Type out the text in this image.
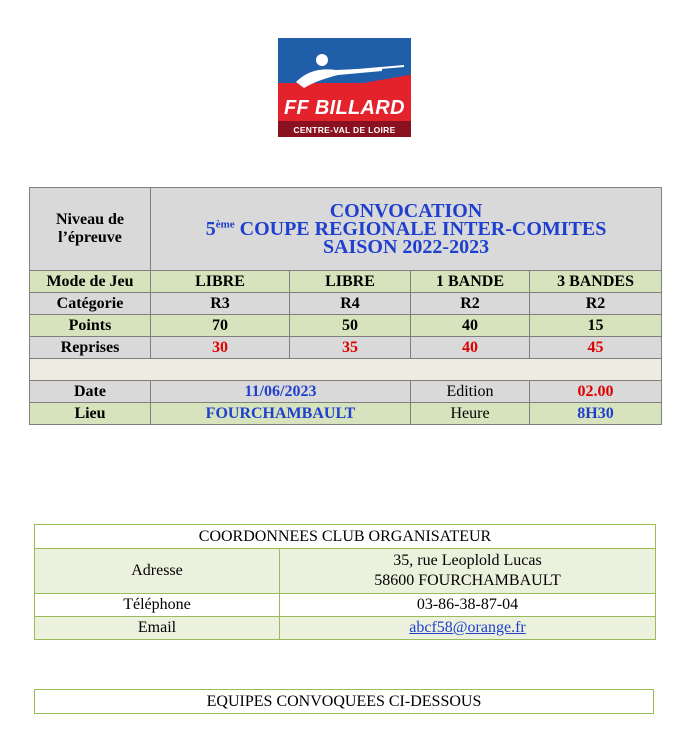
FF BILLARD
CENTRE-VAL DE LOIRE
Niveau de l’épreuve	CONVOCATION
5ème COUPE REGIONALE INTER-COMITES
SAISON 2022-2023			

Mode de Jeu	LIBRE	LIBRE	1 BANDE	3 BANDES
Catégorie	R3	R4	R2	R2
Points	70	50	40	15
Reprises	30	35	40	45

Date	11/06/2023		Edition	02.00
Lieu	FOURCHAMBAULT		Heure	8H30
COORDONNEES CLUB ORGANISATEUR	
Adresse	35, rue Leoplold Lucas
58600 FOURCHAMBAULT

Téléphone	03-86-38-87-04
Email	abcf58@orange.fr
EQUIPES CONVOQUEES CI-DESSOUS
